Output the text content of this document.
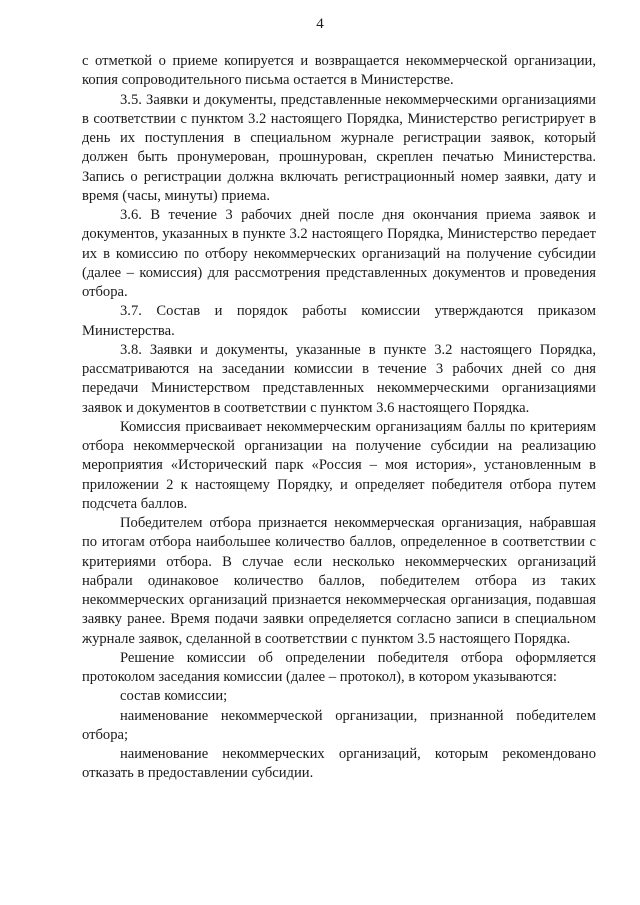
4

с отметкой о приеме копируется и возвращается некоммерческой организации, копия сопроводительного письма остается в Министерстве.

3.5. Заявки и документы, представленные некоммерческими организациями в соответствии с пунктом 3.2 настоящего Порядка, Министерство регистрирует в день их поступления в специальном журнале регистрации заявок, который должен быть пронумерован, прошнурован, скреплен печатью Министерства. Запись о регистрации должна включать регистрационный номер заявки, дату и время (часы, минуты) приема.

3.6. В течение 3 рабочих дней после дня окончания приема заявок и документов, указанных в пункте 3.2 настоящего Порядка, Министерство передает их в комиссию по отбору некоммерческих организаций на получение субсидии (далее – комиссия) для рассмотрения представленных документов и проведения отбора.

3.7. Состав и порядок работы комиссии утверждаются приказом Министерства.

3.8. Заявки и документы, указанные в пункте 3.2 настоящего Порядка, рассматриваются на заседании комиссии в течение 3 рабочих дней со дня передачи Министерством представленных некоммерческими организациями заявок и документов в соответствии с пунктом 3.6 настоящего Порядка.

Комиссия присваивает некоммерческим организациям баллы по критериям отбора некоммерческой организации на получение субсидии на реализацию мероприятия «Исторический парк «Россия – моя история», установленным в приложении 2 к настоящему Порядку, и определяет победителя отбора путем подсчета баллов.

Победителем отбора признается некоммерческая организация, набравшая по итогам отбора наибольшее количество баллов, определенное в соответствии с критериями отбора. В случае если несколько некоммерческих организаций набрали одинаковое количество баллов, победителем отбора из таких некоммерческих организаций признается некоммерческая организация, подавшая заявку ранее. Время подачи заявки определяется согласно записи в специальном журнале заявок, сделанной в соответствии с пунктом 3.5 настоящего Порядка.

Решение комиссии об определении победителя отбора оформляется протоколом заседания комиссии (далее – протокол), в котором указываются:

состав комиссии;

наименование некоммерческой организации, признанной победителем отбора;

наименование некоммерческих организаций, которым рекомендовано отказать в предоставлении субсидии.
